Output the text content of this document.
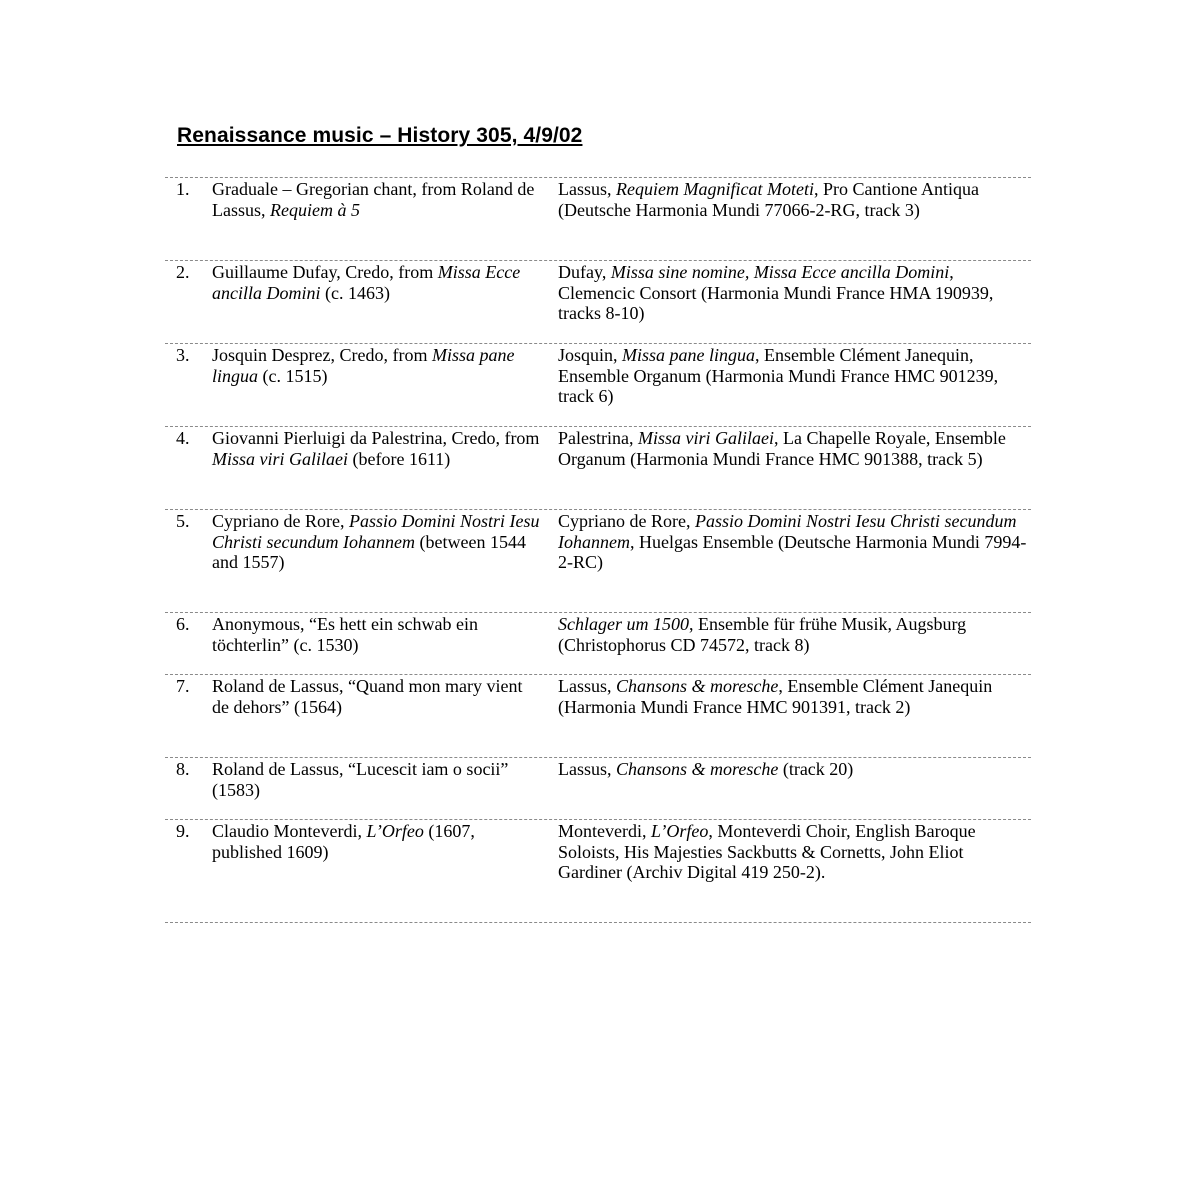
Renaissance music – History 305, 4/9/02
1.	Graduale – Gregorian chant, from Roland de Lassus, Requiem à 5
Lassus, Requiem Magnificat Moteti, Pro Cantione Antiqua (Deutsche Harmonia Mundi 77066-2-RG, track 3)
2.	Guillaume Dufay, Credo, from Missa Ecce ancilla Domini (c. 1463)
Dufay, Missa sine nomine, Missa Ecce ancilla Domini, Clemencic Consort (Harmonia Mundi France HMA 190939, tracks 8-10)
3.	Josquin Desprez, Credo, from Missa pane lingua (c. 1515)
Josquin, Missa pane lingua, Ensemble Clément Janequin, Ensemble Organum (Harmonia Mundi France HMC 901239, track 6)
4.	Giovanni Pierluigi da Palestrina, Credo, from Missa viri Galilaei (before 1611)
Palestrina, Missa viri Galilaei, La Chapelle Royale, Ensemble Organum (Harmonia Mundi France HMC 901388, track 5)
5.	Cypriano de Rore, Passio Domini Nostri Iesu Christi secundum Iohannem (between 1544 and 1557)
Cypriano de Rore, Passio Domini Nostri Iesu Christi secundum Iohannem, Huelgas Ensemble (Deutsche Harmonia Mundi 7994-2-RC)
6.	Anonymous, “Es hett ein schwab ein töchterlin” (c. 1530)
Schlager um 1500, Ensemble für frühe Musik, Augsburg (Christophorus CD 74572, track 8)
7.	Roland de Lassus, “Quand mon mary vient de dehors” (1564)
Lassus, Chansons & moresche, Ensemble Clément Janequin (Harmonia Mundi France HMC 901391, track 2)
8.	Roland de Lassus, “Lucescit iam o socii” (1583)
Lassus, Chansons & moresche (track 20)
9.	Claudio Monteverdi, L’Orfeo (1607, published 1609)
Monteverdi, L’Orfeo, Monteverdi Choir, English Baroque Soloists, His Majesties Sackbutts & Cornetts, John Eliot Gardiner (Archiv Digital 419 250-2).
